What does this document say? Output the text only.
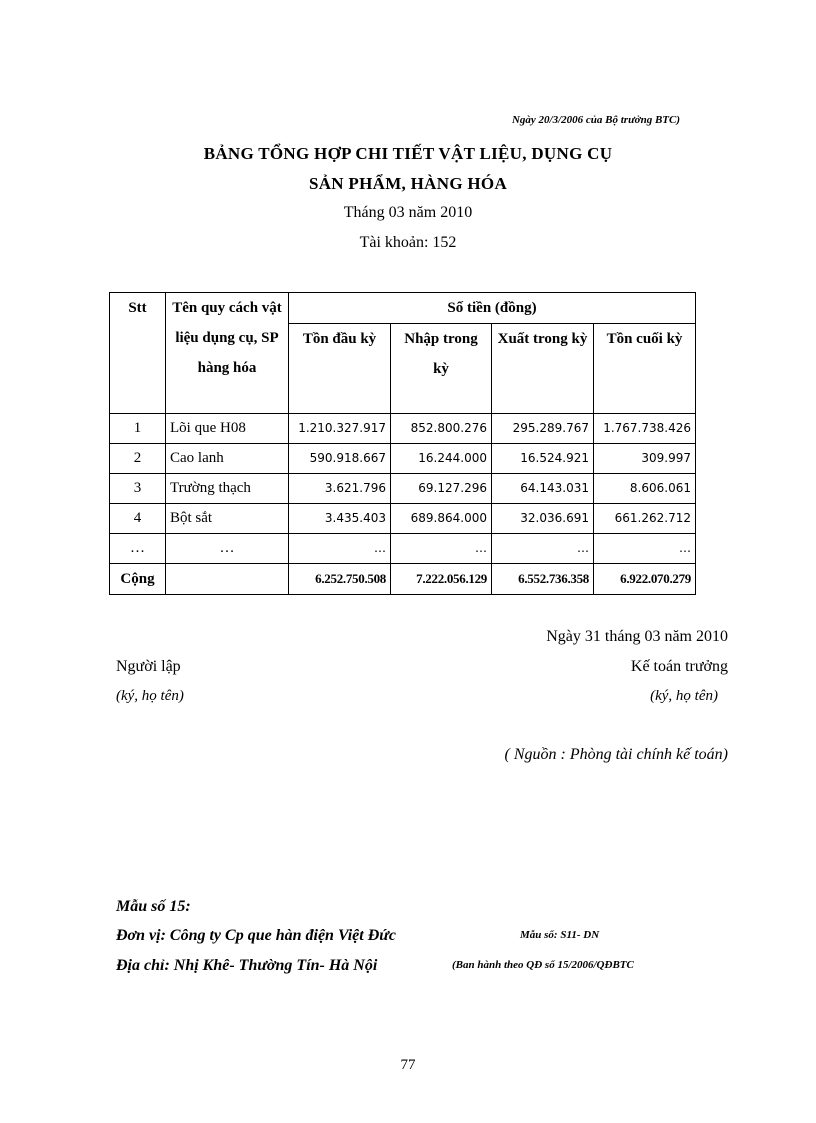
Ngày 20/3/2006 của Bộ trưởng BTC)
BẢNG TỔNG HỢP CHI TIẾT VẬT LIỆU, DỤNG CỤ
SẢN PHẨM, HÀNG HÓA
Tháng 03 năm 2010
Tài khoản: 152
Stt	Tên quy cách vật liệu dụng cụ, SP hàng hóa	Số tiền (đồng)			
		Tồn đầu kỳ	Nhập trong kỳ	Xuất trong kỳ	Tồn cuối kỳ
1	Lõi que H08	1.210.327.917	852.800.276	295.289.767	1.767.738.426
2	Cao lanh	590.918.667	16.244.000	16.524.921	309.997
3	Trường thạch	3.621.796	69.127.296	64.143.031	8.606.061
4	Bột sắt	3.435.403	689.864.000	32.036.691	661.262.712
…	…	…	…	…	…
Cộng		6.252.750.508	7.222.056.129	6.552.736.358	6.922.070.279
Ngày 31 tháng 03 năm 2010
Người lập
(ký, họ tên)
Kế toán trưởng
(ký, họ tên)
( Nguồn : Phòng tài chính kế toán)
Mẫu số 15:
Đơn vị: Công ty Cp que hàn điện Việt Đức
Địa chỉ: Nhị Khê- Thường Tín- Hà Nội
Mẫu số: S11- DN
(Ban hành theo QĐ số 15/2006/QĐBTC
77
